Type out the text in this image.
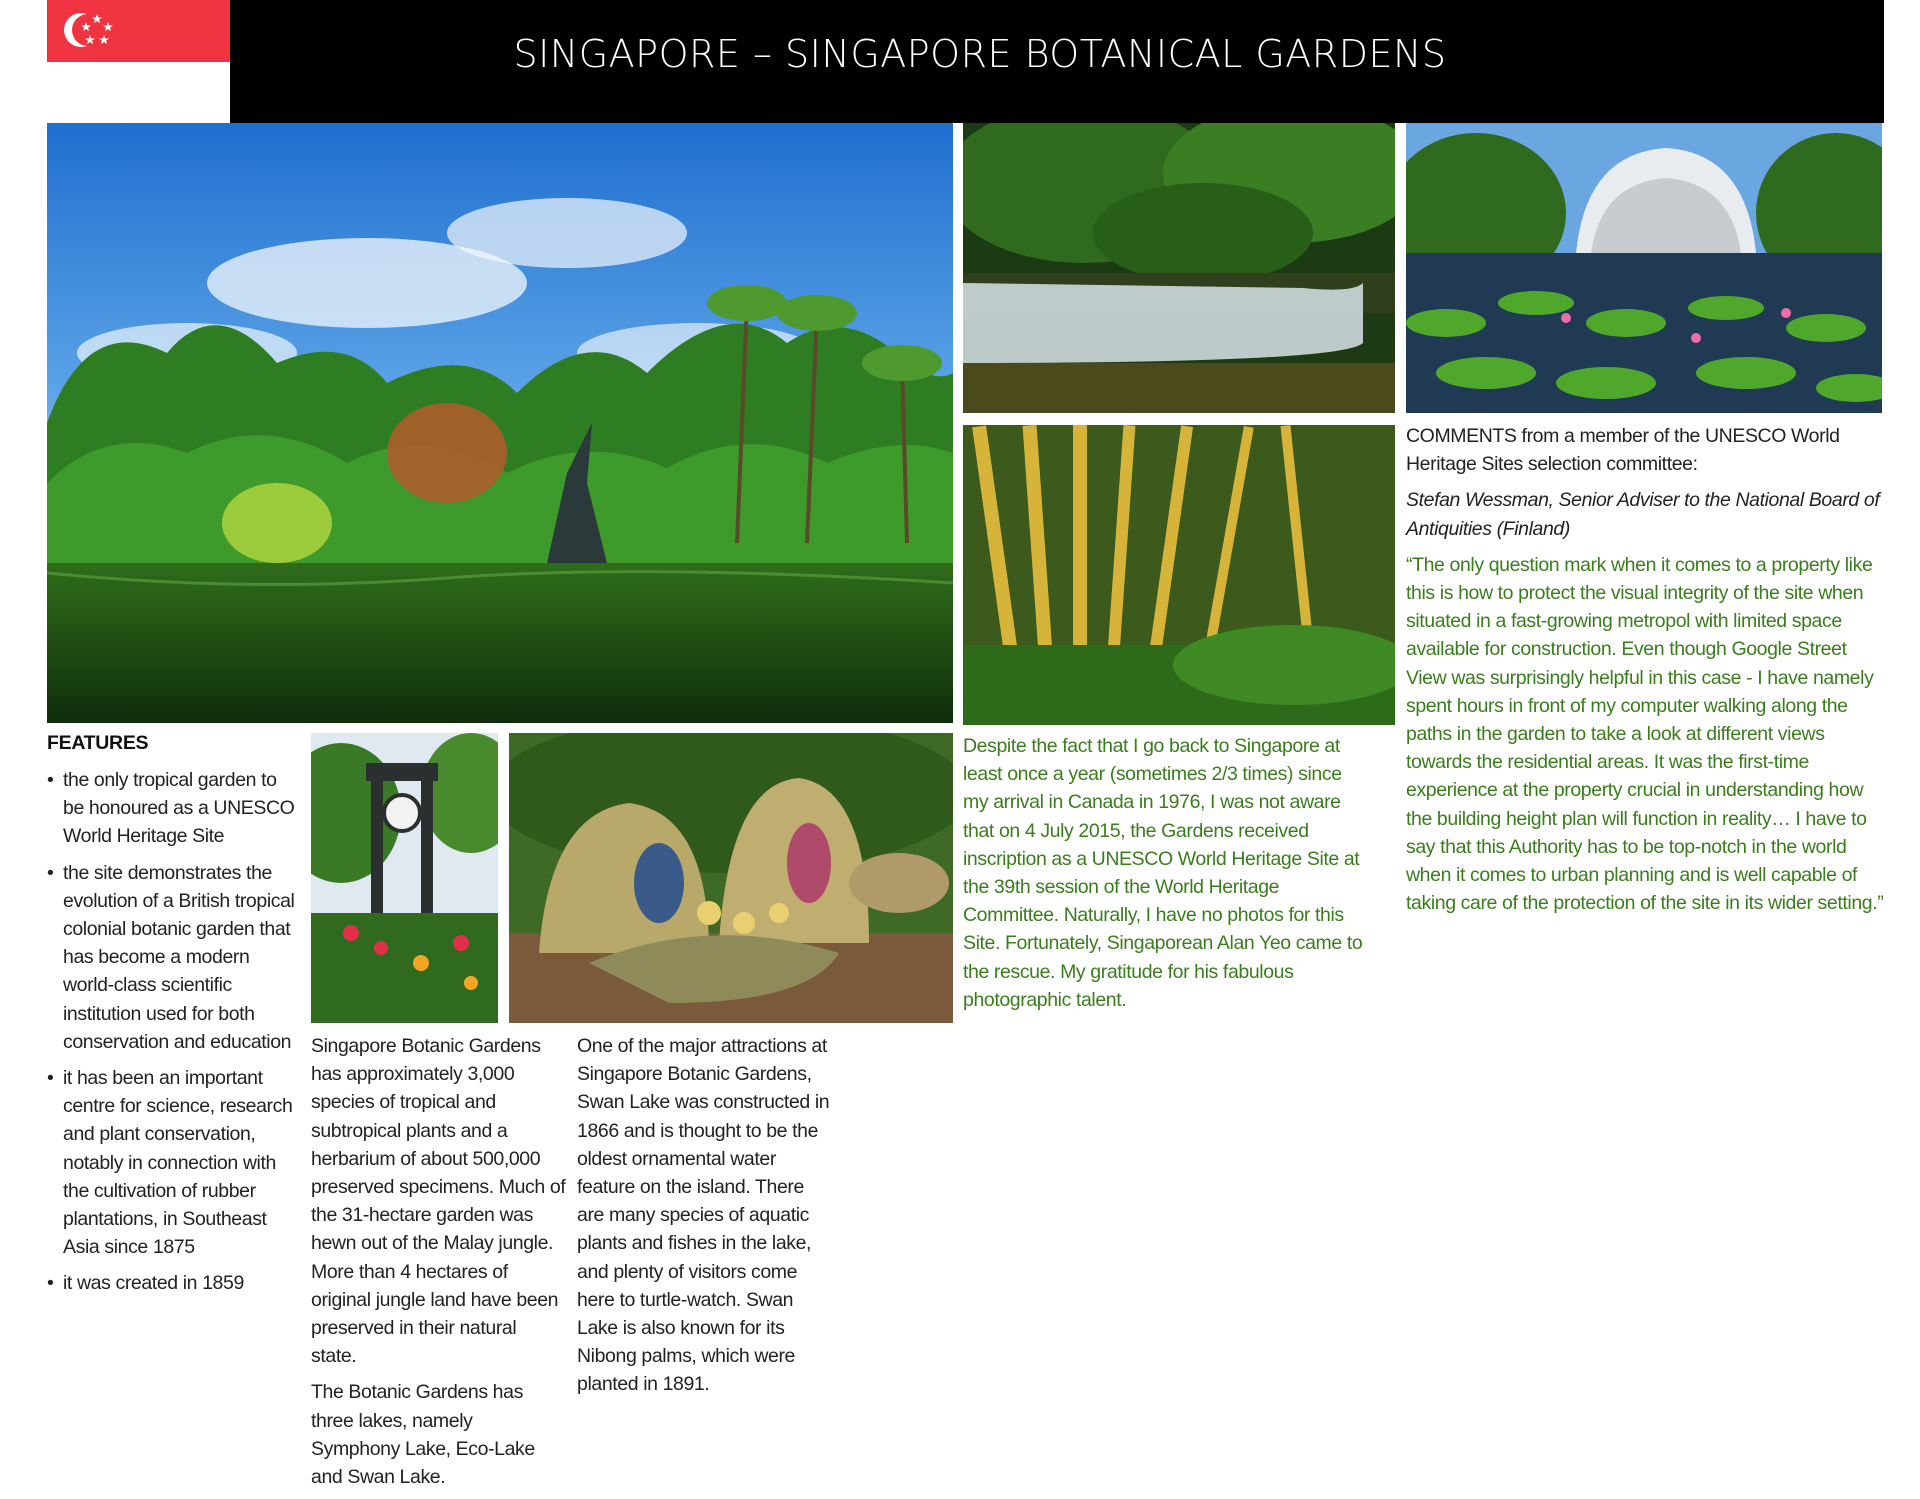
SINGAPORE – SINGAPORE BOTANICAL GARDENS
FEATURES
• the only tropical garden to be honoured as a UNESCO World Heritage Site
• the site demonstrates the evolution of a British tropical colonial botanic garden that has become a modern world-class scientific institution used for both conservation and education
• it has been an important centre for science, research and plant conservation, notably in connection with the cultivation of rubber plantations, in Southeast Asia since 1875
• it was created in 1859

Singapore Botanic Gardens has approximately 3,000 species of tropical and subtropical plants and a herbarium of about 500,000 preserved specimens. Much of the 31-hectare garden was hewn out of the Malay jungle. More than 4 hectares of original jungle land have been preserved in their natural state.

The Botanic Gardens has three lakes, namely Symphony Lake, Eco-Lake and Swan Lake.

One of the major attractions at Singapore Botanic Gardens, Swan Lake was constructed in 1866 and is thought to be the oldest ornamental water feature on the island. There are many species of aquatic plants and fishes in the lake, and plenty of visitors come here to turtle-watch. Swan Lake is also known for its Nibong palms, which were planted in 1891.

Despite the fact that I go back to Singapore at least once a year (sometimes 2/3 times) since my arrival in Canada in 1976, I was not aware that on 4 July 2015, the Gardens received inscription as a UNESCO World Heritage Site at the 39th session of the World Heritage Committee. Naturally, I have no photos for this Site. Fortunately, Singaporean Alan Yeo came to the rescue. My gratitude for his fabulous photographic talent.

COMMENTS from a member of the UNESCO World Heritage Sites selection committee:

Stefan Wessman, Senior Adviser to the National Board of Antiquities (Finland)

“The only question mark when it comes to a property like this is how to protect the visual integrity of the site when situated in a fast-growing metropol with limited space available for construction. Even though Google Street View was surprisingly helpful in this case - I have namely spent hours in front of my computer walking along the paths in the garden to take a look at different views towards the residential areas. It was the first-time experience at the property crucial in understanding how the building height plan will function in reality… I have to say that this Authority has to be top-notch in the world when it comes to urban planning and is well capable of taking care of the protection of the site in its wider setting.”
